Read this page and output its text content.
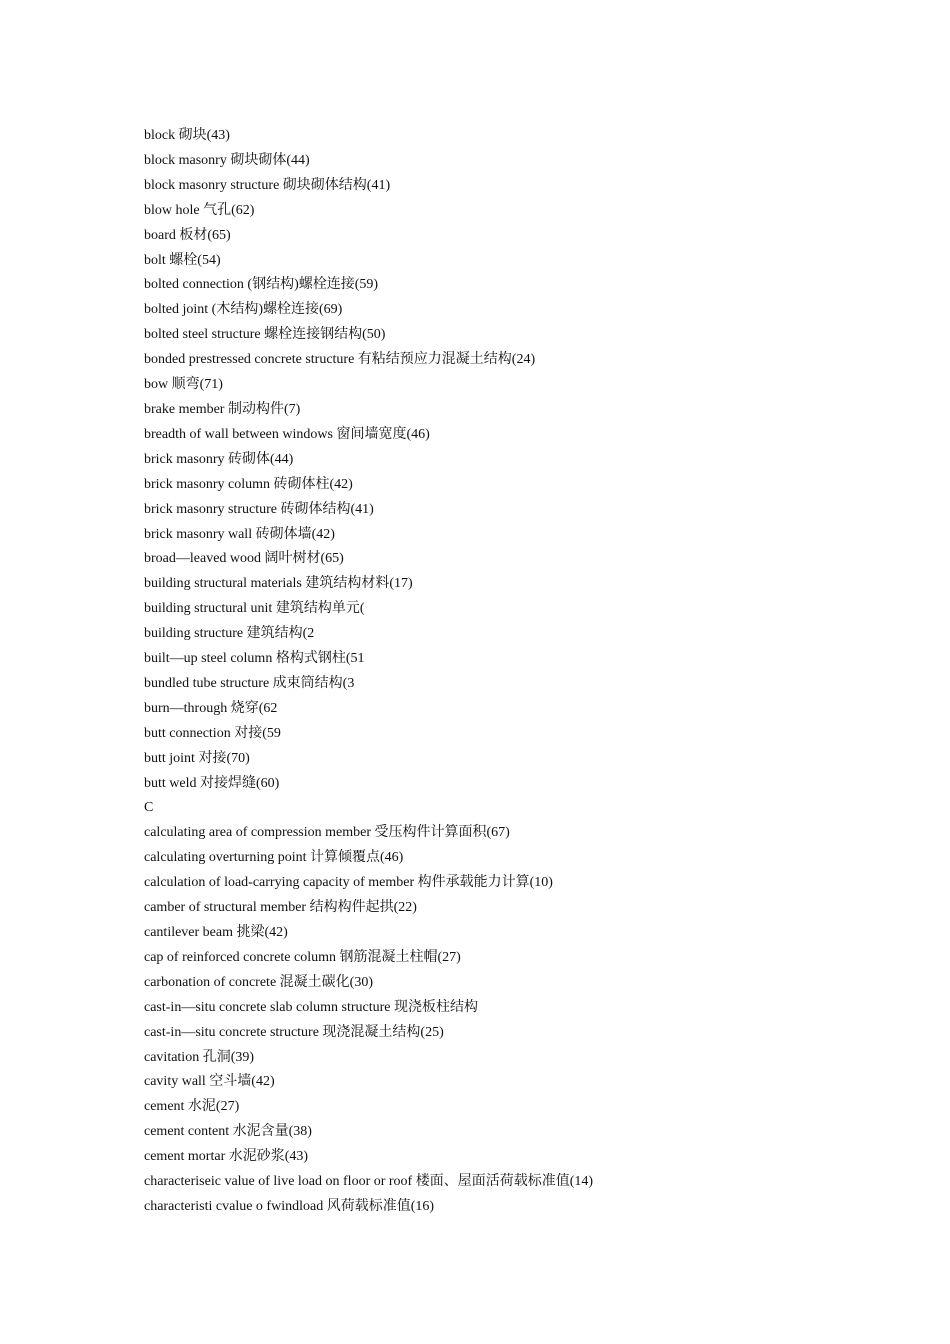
block 砌块(43)
block masonry 砌块砌体(44)
block masonry structure 砌块砌体结构(41)
blow hole 气孔(62)
board 板材(65)
bolt 螺栓(54)
bolted connection (钢结构)螺栓连接(59)
bolted joint (木结构)螺栓连接(69)
bolted steel structure 螺栓连接钢结构(50)
bonded prestressed concrete structure 有粘结预应力混凝土结构(24)
bow 顺弯(71)
brake member 制动构件(7)
breadth of wall between windows 窗间墙宽度(46)
brick masonry 砖砌体(44)
brick masonry column 砖砌体柱(42)
brick masonry structure 砖砌体结构(41)
brick masonry wall 砖砌体墙(42)
broad—leaved wood 阔叶树材(65)
building structural materials 建筑结构材料(17)
building structural unit 建筑结构单元(
building structure 建筑结构(2
built—up steel column 格构式钢柱(51
bundled tube structure 成束筒结构(3
burn—through 烧穿(62
butt connection 对接(59
butt joint 对接(70)
butt weld 对接焊缝(60)
C
calculating area of compression member 受压构件计算面积(67)
calculating overturning point 计算倾覆点(46)
calculation of load-carrying capacity of member 构件承载能力计算(10)
camber of structural member 结构构件起拱(22)
cantilever beam 挑梁(42)
cap of reinforced concrete column 钢筋混凝土柱帽(27)
carbonation of concrete 混凝土碳化(30)
cast-in—situ concrete slab column structure 现浇板柱结构
cast-in—situ concrete structure 现浇混凝土结构(25)
cavitation 孔洞(39)
cavity wall 空斗墙(42)
cement 水泥(27)
cement content 水泥含量(38)
cement mortar 水泥砂浆(43)
characteriseic value of live load on floor or roof 楼面、屋面活荷载标准值(14)
characteristi cvalue o fwindload 风荷载标准值(16)
